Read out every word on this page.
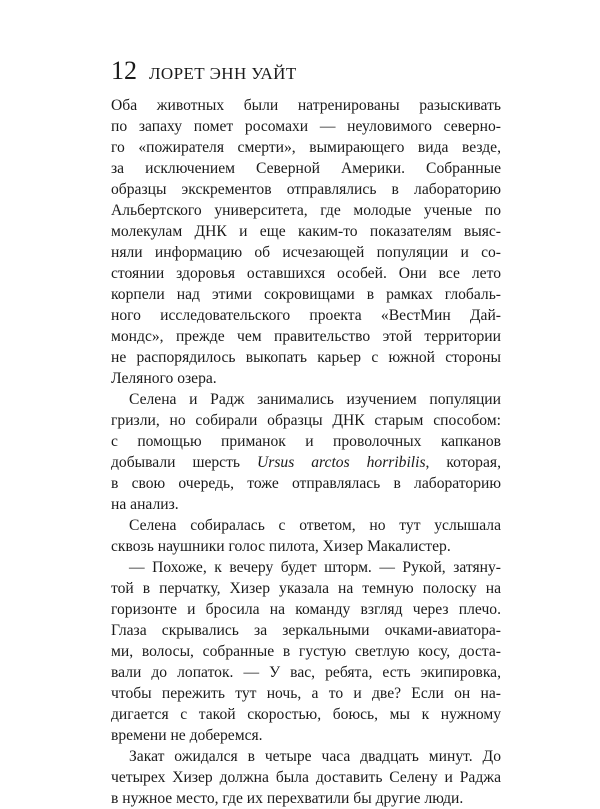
12 ЛОРЕТ ЭНН УАЙТ
Оба животных были натренированы разыскивать
по запаху помет росомахи — неуловимого северно-
го «пожирателя смерти», вымирающего вида везде,
за исключением Северной Америки. Собранные
образцы экскрементов отправлялись в лабораторию
Альбертского университета, где молодые ученые по
молекулам ДНК и еще каким-то показателям выяс-
няли информацию об исчезающей популяции и со-
стоянии здоровья оставшихся особей. Они все лето
корпели над этими сокровищами в рамках глобаль-
ного исследовательского проекта «ВестМин Дай-
мондс», прежде чем правительство этой территории
не распорядилось выкопать карьер с южной стороны
Леляного озера.
Селена и Радж занимались изучением популяции
гризли, но собирали образцы ДНК старым способом:
с помощью приманок и проволочных капканов
добывали шерсть Ursus arctos horribilis, которая,
в свою очередь, тоже отправлялась в лабораторию
на анализ.
Селена собиралась с ответом, но тут услышала
сквозь наушники голос пилота, Хизер Макалистер.
— Похоже, к вечеру будет шторм. — Рукой, затяну-
той в перчатку, Хизер указала на темную полоску на
горизонте и бросила на команду взгляд через плечо.
Глаза скрывались за зеркальными очками-авиатора-
ми, волосы, собранные в густую светлую косу, доста-
вали до лопаток. — У вас, ребята, есть экипировка,
чтобы пережить тут ночь, а то и две? Если он на-
дигается с такой скоростью, боюсь, мы к нужному
времени не доберемся.
Закат ожидался в четыре часа двадцать минут. До
четырех Хизер должна была доставить Селену и Раджа
в нужное место, где их перехватили бы другие люди.
